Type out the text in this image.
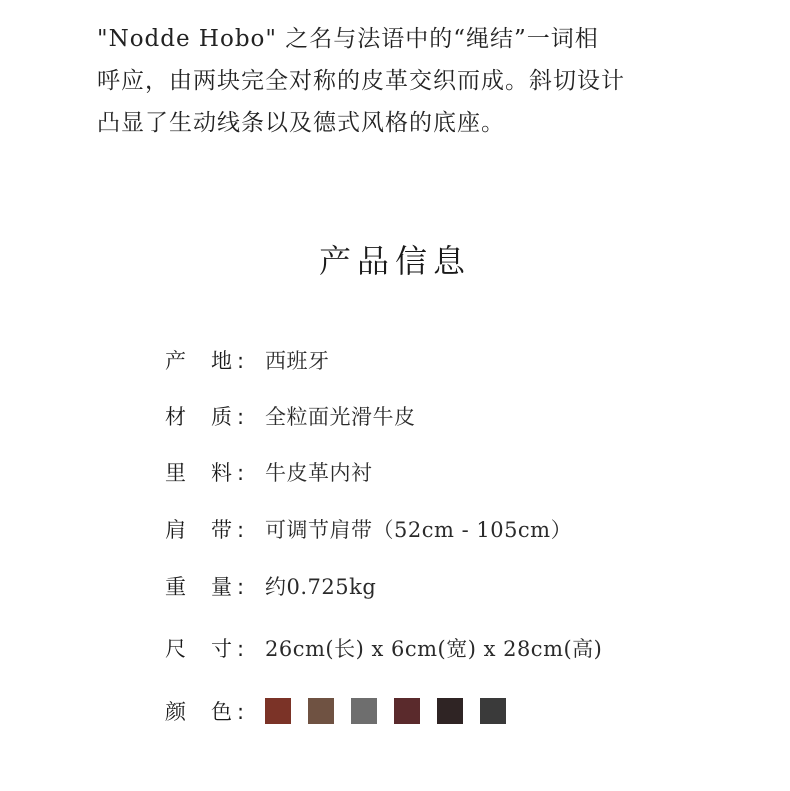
"Nodde Hobo" 之名与法语中的“绳结”一词相
呼应，由两块完全对称的皮革交织而成。斜切设计
凸显了生动线条以及德式风格的底座。

产品信息
产 地 : 西班牙
材 质 : 全粒面光滑牛皮
里 料 : 牛皮革内衬
肩 带 : 可调节肩带（52cm - 105cm）
重 量 : 约0.725kg
尺 寸 : 26cm(长) x 6cm(宽) x 28cm(高)
颜 色 :
